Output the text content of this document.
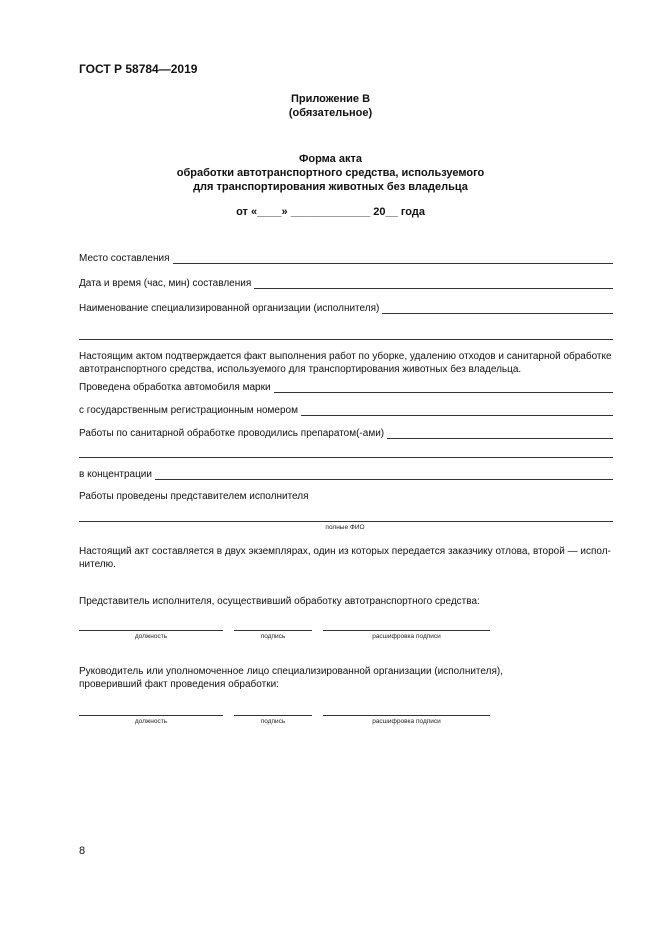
ГОСТ Р 58784—2019
Приложение В
(обязательное)
Форма акта
обработки автотранспортного средства, используемого
для транспортирования животных без владельца
от «____» _____________ 20__ года
Место составления
Дата и время (час, мин) составления
Наименование специализированной организации (исполнителя)
Настоящим актом подтверждается факт выполнения работ по уборке, удалению отходов и санитарной обработке автотранспортного средства, используемого для транспортирования животных без владельца.
Проведена обработка автомобиля марки
с государственным регистрационным номером
Работы по санитарной обработке проводились препаратом(-ами)
в концентрации
Работы проведены представителем исполнителя
полные ФИО
Настоящий акт составляется в двух экземплярах, один из которых передается заказчику отлова, второй — испол-
нителю.
Представитель исполнителя, осуществивший обработку автотранспортного средства:
должность	подпись	расшифровка подписи
Руководитель или уполномоченное лицо специализированной организации (исполнителя),
проверивший факт проведения обработки:
должность	подпись	расшифровка подписи
8
